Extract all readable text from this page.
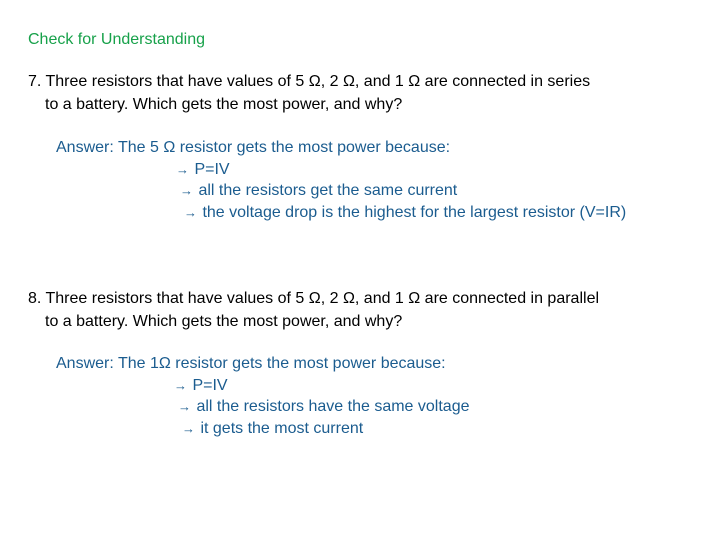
Check for Understanding
7. Three resistors that have values of 5 Ω, 2 Ω, and 1 Ω are connected in series
to a battery. Which gets the most power, and why?
Answer: The 5 Ω resistor gets the most power because:
→ P=IV
→ all the resistors get the same current
→ the voltage drop is the highest for the largest resistor (V=IR)
8. Three resistors that have values of 5 Ω, 2 Ω, and 1 Ω are connected in parallel
to a battery. Which gets the most power, and why?
Answer: The 1Ω resistor gets the most power because:
→ P=IV
→ all the resistors have the same voltage
→ it gets the most current
